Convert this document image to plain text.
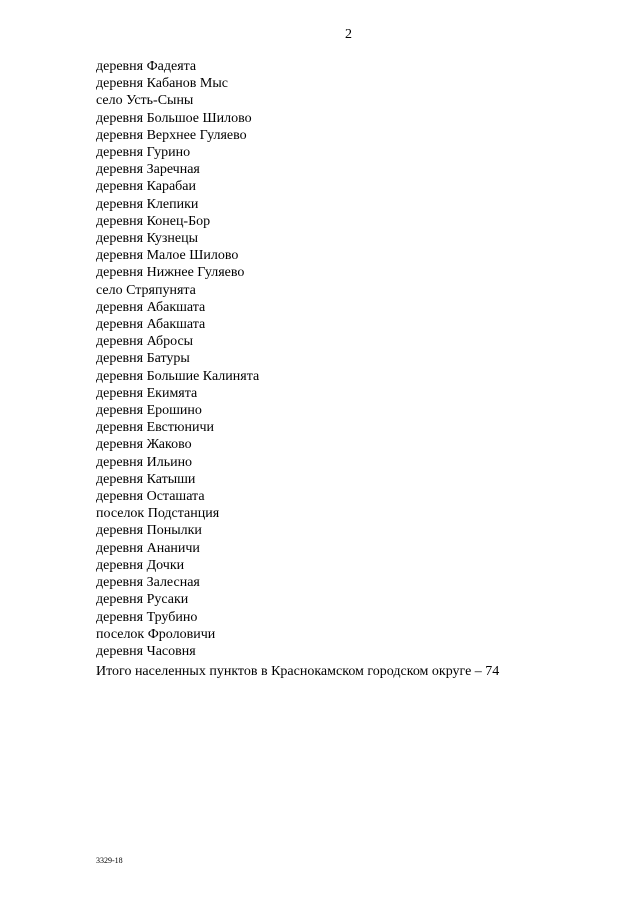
2
деревня Фадеята
деревня Кабанов Мыс
село Усть-Сыны
деревня Большое Шилово
деревня Верхнее Гуляево
деревня Гурино
деревня Заречная
деревня Карабаи
деревня Клепики
деревня Конец-Бор
деревня Кузнецы
деревня Малое Шилово
деревня Нижнее Гуляево
село Стряпунята
деревня Абакшата
деревня Абакшата
деревня Абросы
деревня Батуры
деревня Большие Калинята
деревня Екимята
деревня Ерошино
деревня Евстюничи
деревня Жаково
деревня Ильино
деревня Катыши
деревня Осташата
поселок Подстанция
деревня Понылки
деревня Ананичи
деревня Дочки
деревня Залесная
деревня Русаки
деревня Трубино
поселок Фроловичи
деревня Часовня
Итого населенных пунктов в Краснокамском городском округе – 74
3329-18
